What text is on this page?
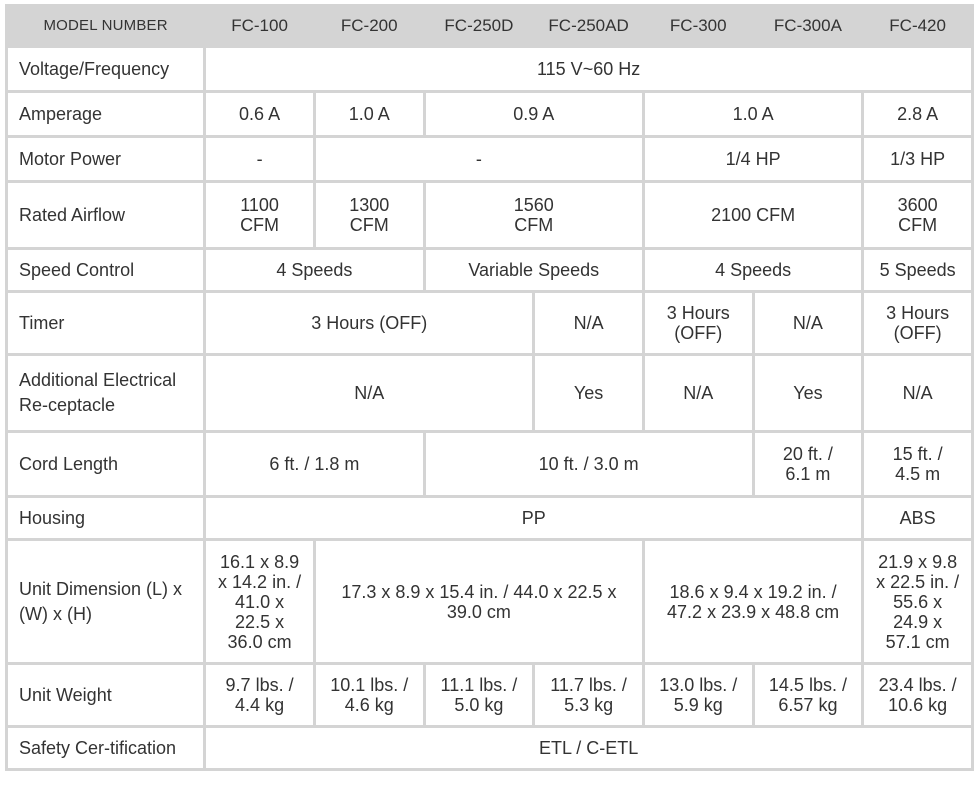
MODEL NUMBER	FC-100	FC-200	FC-250D	FC-250AD	FC-300	FC-300A	FC-420
Voltage/Frequency	115 V~60 Hz						
Amperage	0.6 A	1.0 A	0.9 A		1.0 A		2.8 A
Motor Power	-	-			1/4 HP		1/3 HP
Rated Airflow	1100 CFM	1300 CFM	1560 CFM		2100 CFM		3600 CFM
Speed Control	4 Speeds		Variable Speeds		4 Speeds		5 Speeds
Timer	3 Hours (OFF)			N/A	3 Hours (OFF)	N/A	3 Hours (OFF)
Additional Electrical Re-ceptacle	N/A			Yes	N/A	Yes	N/A
Cord Length	6 ft. / 1.8 m		10 ft. / 3.0 m			20 ft. / 6.1 m	15 ft. / 4.5 m
Housing	PP						ABS
Unit Dimension (L) x (W) x (H)	16.1 x 8.9 x 14.2 in. / 41.0 x 22.5 x 36.0 cm	17.3 x 8.9 x 15.4 in. / 44.0 x 22.5 x 39.0 cm			18.6 x 9.4 x 19.2 in. / 47.2 x 23.9 x 48.8 cm		21.9 x 9.8 x 22.5 in. / 55.6 x 24.9 x 57.1 cm
Unit Weight	9.7 lbs. / 4.4 kg	10.1 lbs. / 4.6 kg	11.1 lbs. / 5.0 kg	11.7 lbs. / 5.3 kg	13.0 lbs. / 5.9 kg	14.5 lbs. / 6.57 kg	23.4 lbs. / 10.6 kg
Safety Cer-tification	ETL / C-ETL						
